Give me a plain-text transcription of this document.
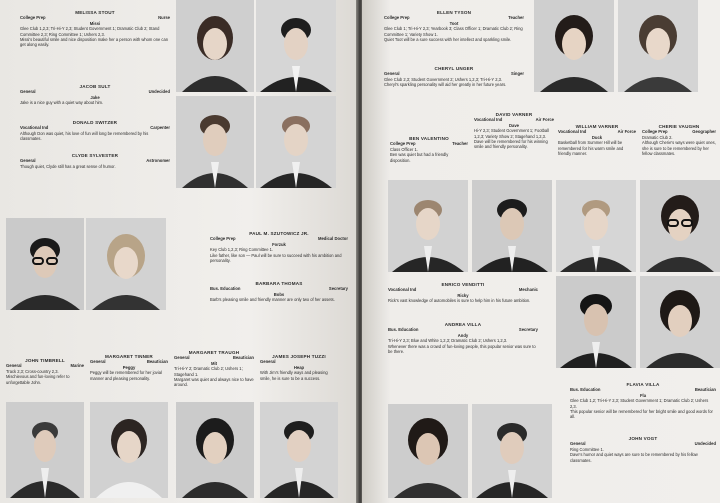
MELISSA STOUT
College Prep	Nurse
Missi
Glee Club 1,2,3; Tri-Hi-Y 2,3; Student Government 1; Dramatic Club 2; Stand Committee 2,3; Ring Committee 1; Ushers 2,3.
Missi's beautiful smile and nice disposition make her a person with whom one can get along easily.
JACOB SULT
General	Undecided
Jake
Jake is a nice guy with a quiet way about him.
DONALD SWITZER
Vocational Ind	Carpenter
Although Don was quiet, his love of fun will long be remembered by his classmates.
CLYDE SYLVESTER
General	Astronomer
Though quiet, Clyde still has a great sense of humor.
PAUL M. SZUTOWICZ JR.
College Prep	Medical Doctor
Forzuk
Key Club 1,2,3; Ring Committee 1.
Like father, like son — Paul will be sure to succeed with his ambition and personality.
BARBARA THOMAS
Bus. Education	Secretary
Bobs
Barb's pleasing smile and friendly manner are only two of her assets.
JOHN TIMBRELL
General	Marine
Track 2,3; Cross-country 2,3.
Mischievous and fun-loving refer to unforgettable John.
MARGARET TINNER
General	Beautician
Peggy
Peggy will be remembered for her jovial manner and pleasing personality.
MARGARET TRAUGH
General	Beautician
Mit
Tri-Hi-Y 2; Dramatic Club 2; Ushers 1; Stagehand 1.
Margaret was quiet and always nice to have around.
JAMES JOSEPH TUZZI
General
Heap
With Jim's friendly ways and pleasing smile, he is sure to be a success.
ELLEN TYSON
College Prep	Teacher
Toot
Glee Club 1; Tri-Hi-Y 2,3; Yearbook 3; Class Officer 1; Dramatic Club 2; Ring Committee 1; Variety Show 1.
Quiet Toot will be a sure success with her intellect and sparkling smile.
CHERYL UNGER
General	Singer
Glee Club 2,3; Student Government 2; Ushers 1,2,3; Tri-Hi-Y 2,3.
Cheryl's sparkling personality will aid her greatly in her future years.
BEN VALENTINO
College Prep	Teacher
Class Officer 1.
Ben was quiet but had a friendly disposition.
DAVID VARNER
Vocational Ind	Air Force
Dave
Hi-Y 2,3; Student Government 1; Football 1,2,3; Variety Show 2; Stagehand 1,2,3.
Dave will be remembered for his winning smile and friendly personality.
WILLIAM VARNER
Vocational Ind	Air Force
Duck
Basketball from Summer Hill will be remembered for his warm smile and friendly manner.
CHERIE VAUGHN
College Prep	Geographer
Dramatic Club 2.
Although Cherie's ways were quiet ones, she is sure to be remembered by her fellow classmates.
ENRICO VENDITTI
Vocational Ind	Mechanic
Ricky
Rick's vast knowledge of automobiles is sure to help him in his future ambition.
ANDREA VILLA
Bus. Education	Secretary
Andy
Tri-Hi-Y 2,3; Blue and White 1,2,3; Dramatic Club 2; Ushers 1,2,3.
Whenever there was a crowd of fun-loving people, this popular senior was sure to be there.
FLAVIA VILLA
Bus. Education	Beautician
Fla
Glee Club 1,2; Tri-Hi-Y 2,3; Student Government 1; Dramatic Club 2; Ushers 2,3.
This popular senior will be remembered for her bright smile and good words for all.
JOHN VOGT
General	Undecided
Ring Committee 1.
Dave's humor and quiet ways are sure to be remembered by his fellow classmates.
